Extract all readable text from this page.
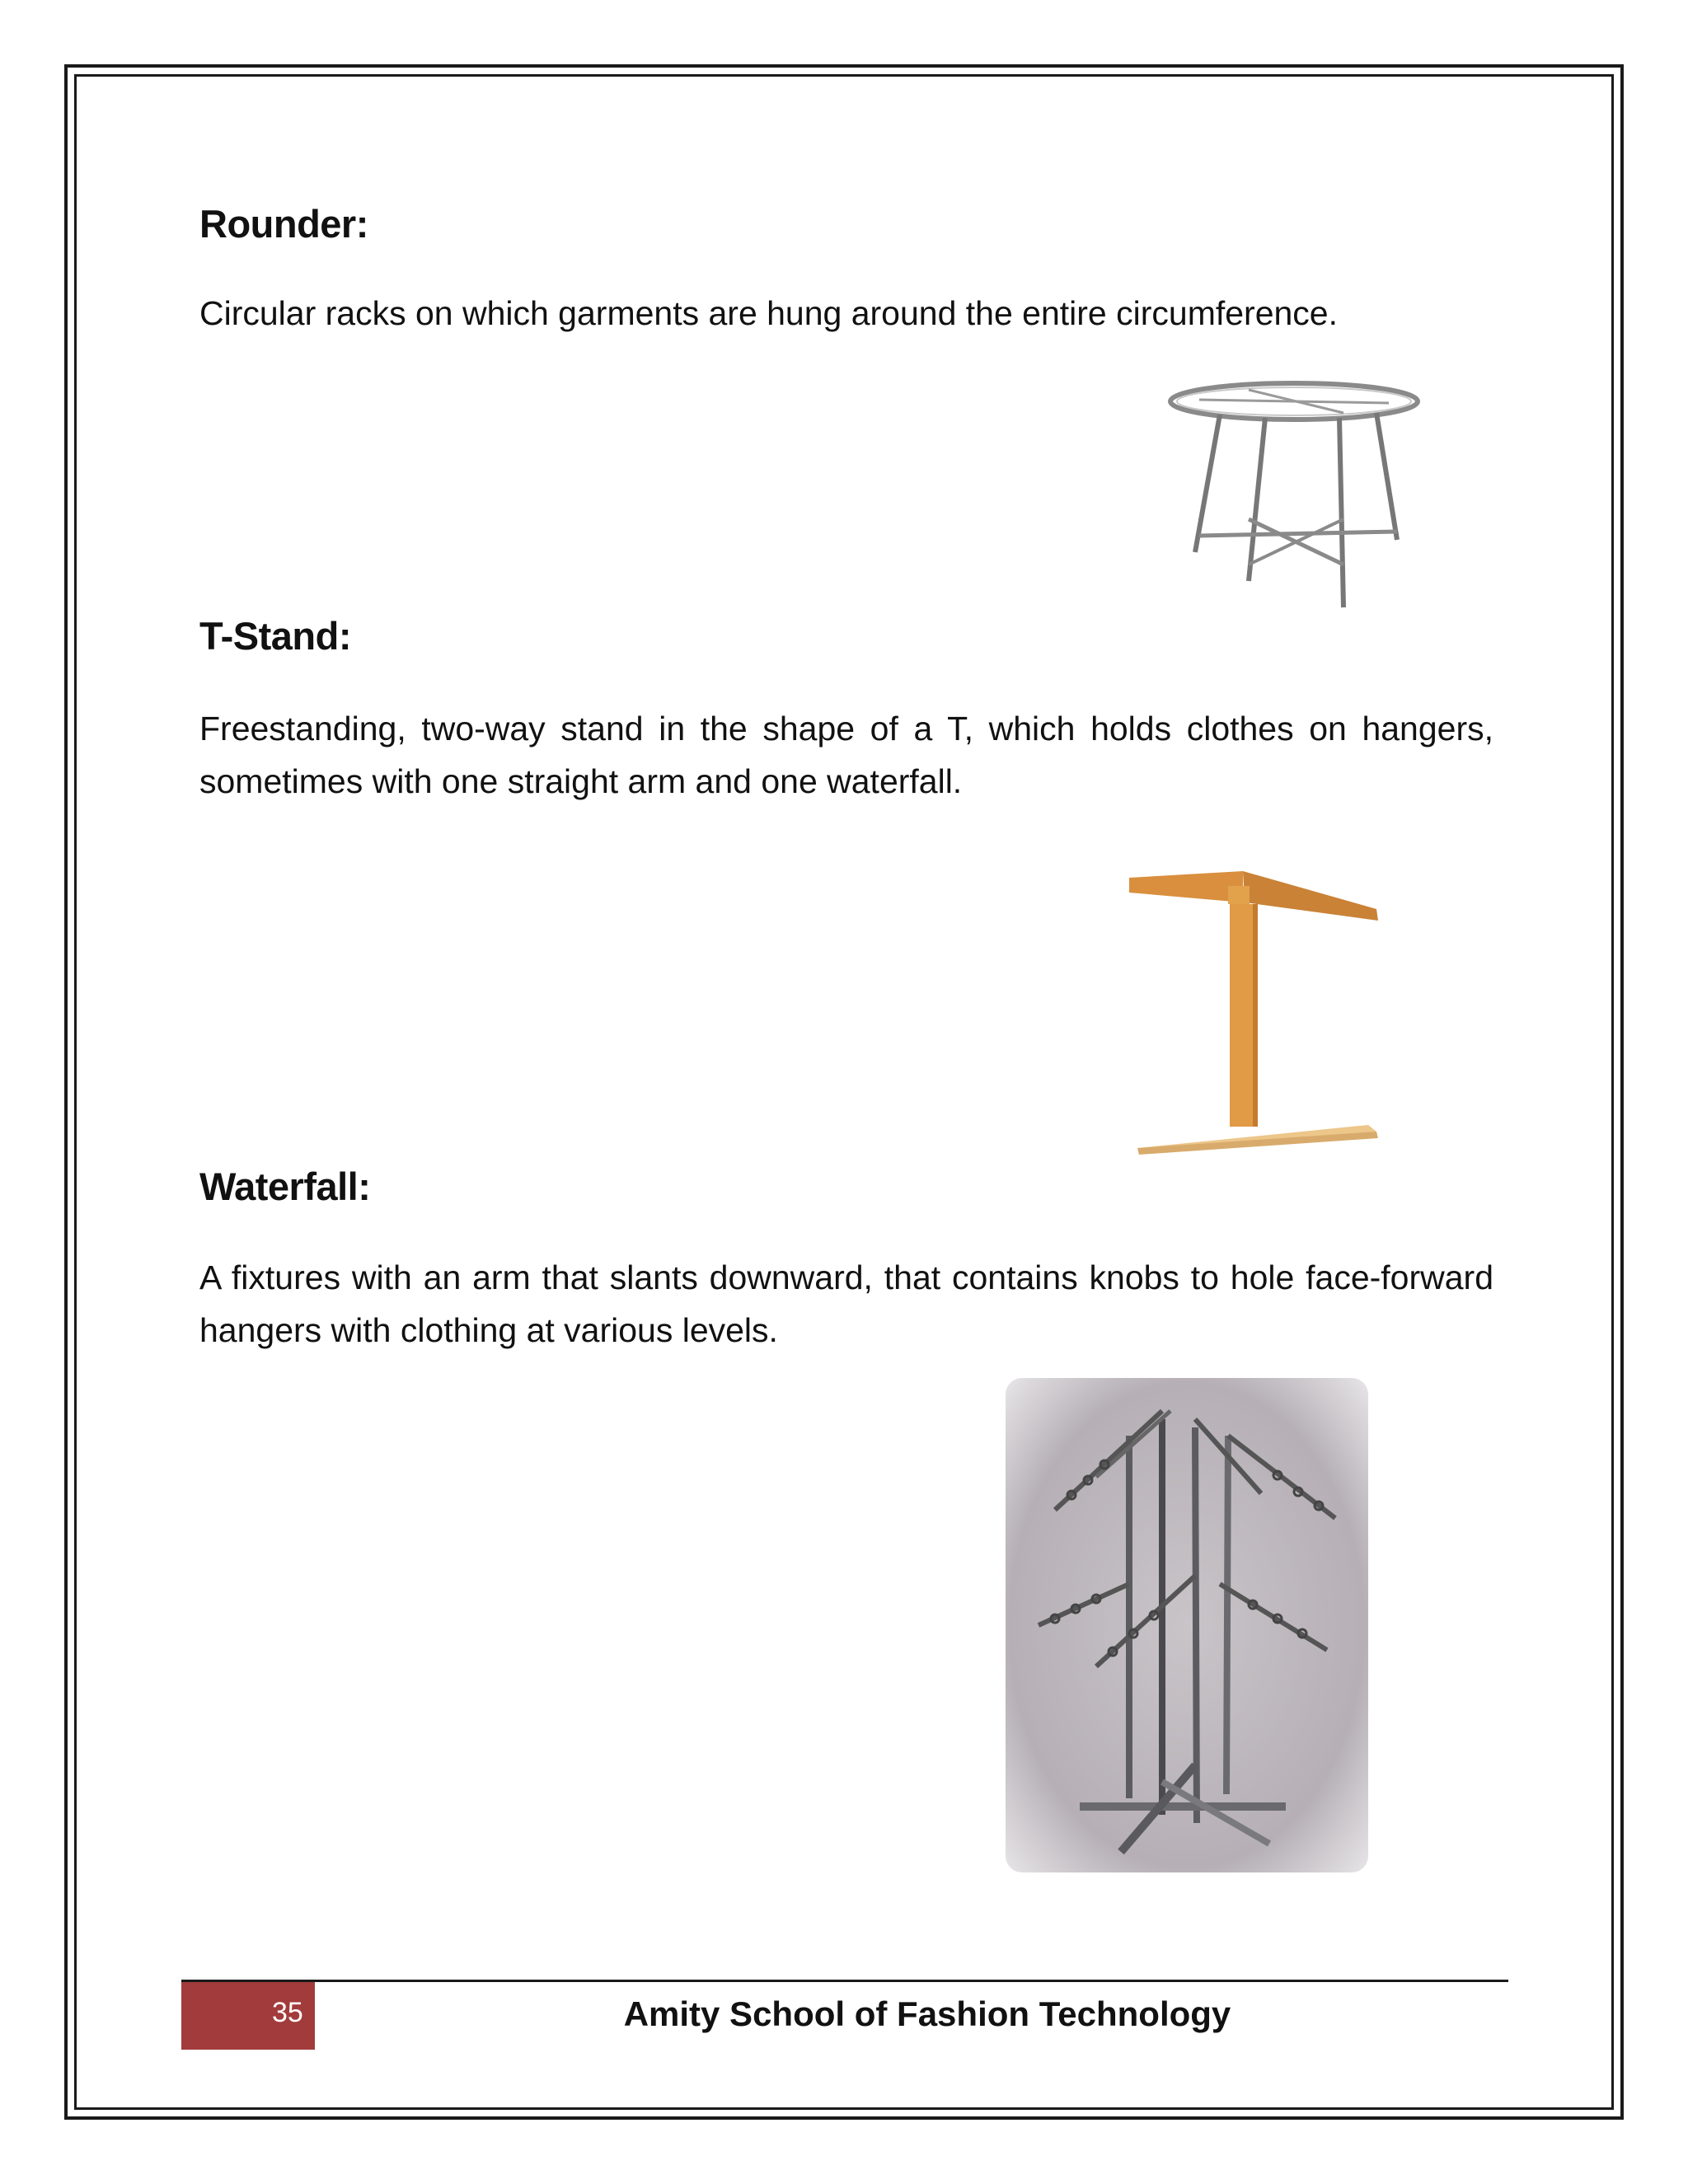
Rounder:
Circular racks on which garments are hung around the entire circumference.
T-Stand:
Freestanding, two-way stand in the shape of a T, which holds clothes on hangers, sometimes with one straight arm and one waterfall.
Waterfall:
A fixtures with an arm that slants downward, that contains knobs to hole face-forward hangers with clothing at various levels.
35	Amity School of Fashion Technology
